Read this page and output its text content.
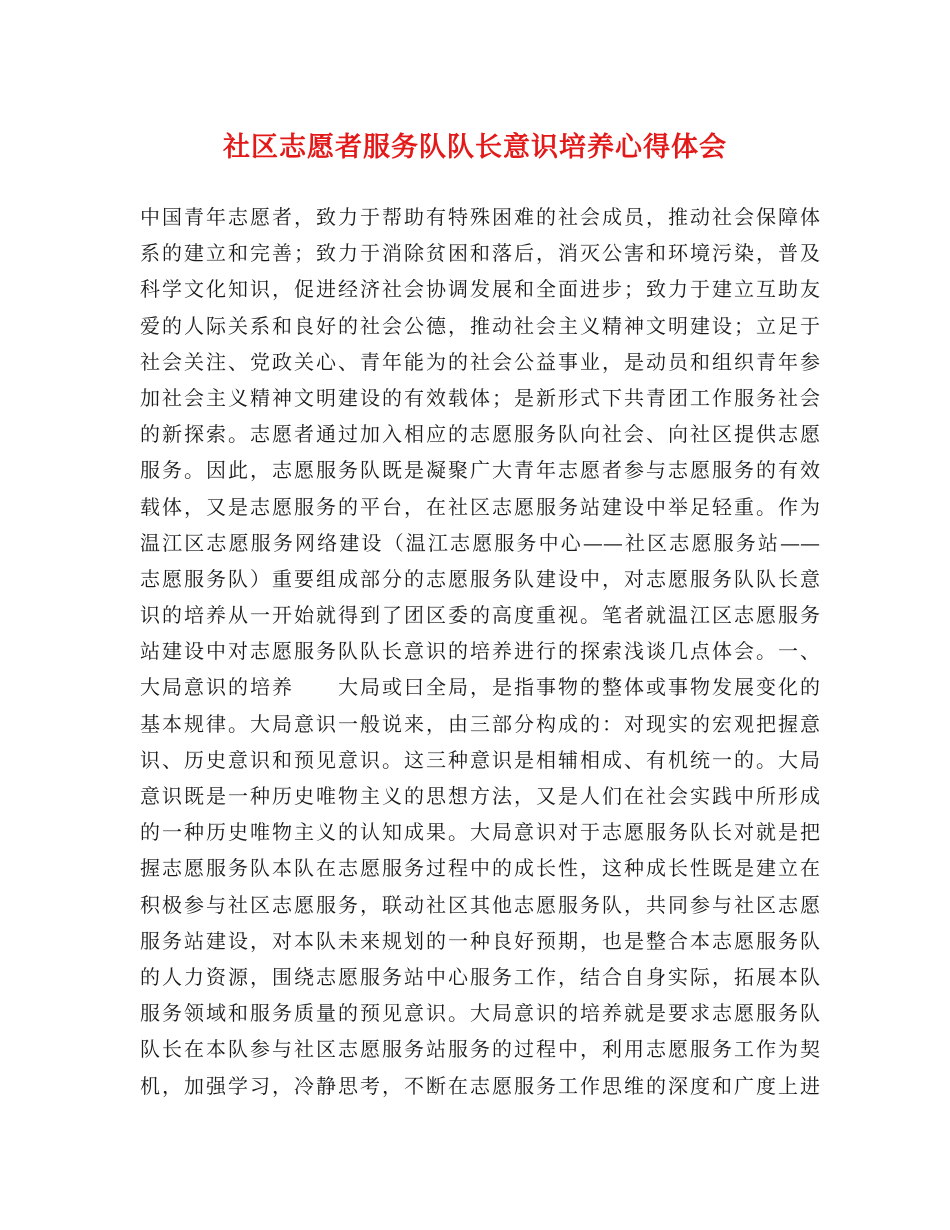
社区志愿者服务队队长意识培养心得体会
中国青年志愿者，致力于帮助有特殊困难的社会成员，推动社会保障体
系的建立和完善；致力于消除贫困和落后，消灭公害和环境污染，普及
科学文化知识，促进经济社会协调发展和全面进步；致力于建立互助友
爱的人际关系和良好的社会公德，推动社会主义精神文明建设；立足于
社会关注、党政关心、青年能为的社会公益事业，是动员和组织青年参
加社会主义精神文明建设的有效载体；是新形式下共青团工作服务社会
的新探索。志愿者通过加入相应的志愿服务队向社会、向社区提供志愿
服务。因此，志愿服务队既是凝聚广大青年志愿者参与志愿服务的有效
载体，又是志愿服务的平台，在社区志愿服务站建设中举足轻重。作为
温江区志愿服务网络建设（温江志愿服务中心——社区志愿服务站——
志愿服务队）重要组成部分的志愿服务队建设中，对志愿服务队队长意
识的培养从一开始就得到了团区委的高度重视。笔者就温江区志愿服务
站建设中对志愿服务队队长意识的培养进行的探索浅谈几点体会。一、
大局意识的培养　　大局或曰全局，是指事物的整体或事物发展变化的
基本规律。大局意识一般说来，由三部分构成的：对现实的宏观把握意
识、历史意识和预见意识。这三种意识是相辅相成、有机统一的。大局
意识既是一种历史唯物主义的思想方法，又是人们在社会实践中所形成
的一种历史唯物主义的认知成果。大局意识对于志愿服务队长对就是把
握志愿服务队本队在志愿服务过程中的成长性，这种成长性既是建立在
积极参与社区志愿服务，联动社区其他志愿服务队，共同参与社区志愿
服务站建设，对本队未来规划的一种良好预期，也是整合本志愿服务队
的人力资源，围绕志愿服务站中心服务工作，结合自身实际，拓展本队
服务领域和服务质量的预见意识。大局意识的培养就是要求志愿服务队
队长在本队参与社区志愿服务站服务的过程中，利用志愿服务工作为契
机，加强学习，冷静思考，不断在志愿服务工作思维的深度和广度上进
